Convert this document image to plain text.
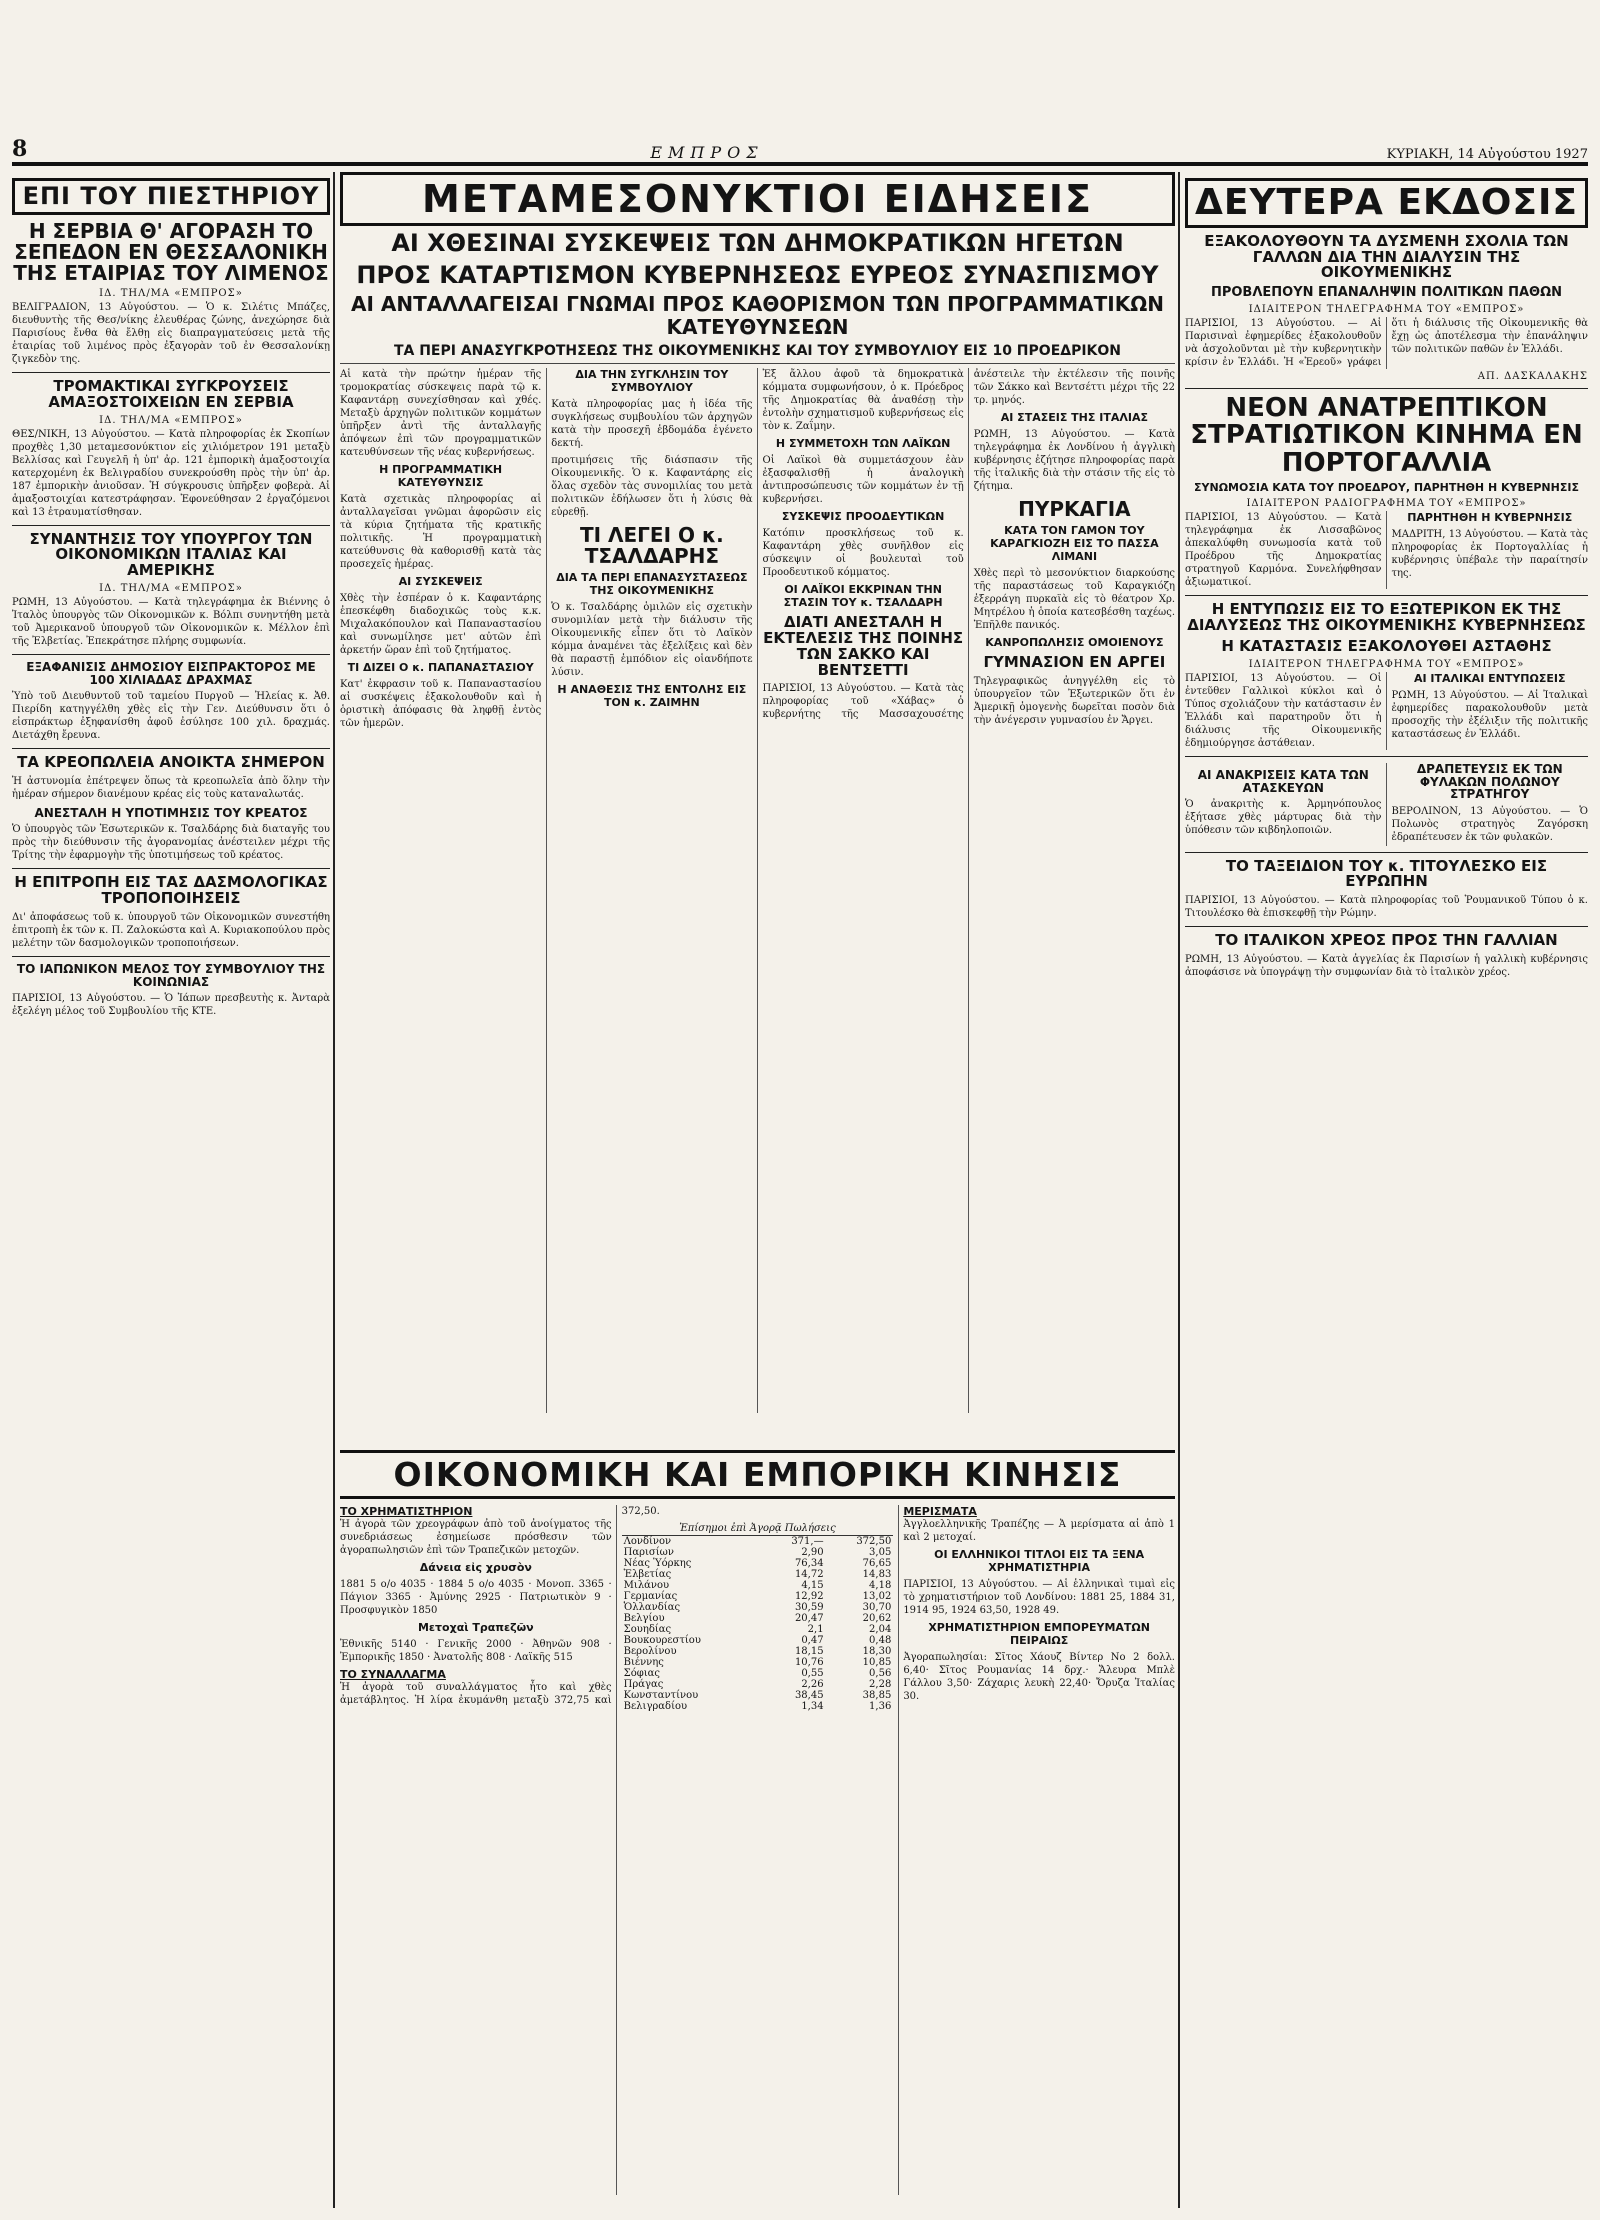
8	ΕΜΠΡΟΣ	ΚΥΡΙΑΚΗ, 14 Αὐγούστου 1927
ΕΠΙ ΤΟΥ ΠΙΕΣΤΗΡΙΟΥ
Η ΣΕΡΒΙΑ Θ' ΑΓΟΡΑΣΗ ΤΟ ΣΕΠΕΔΟΝ ΕΝ ΘΕΣΣΑΛΟΝΙΚΗ ΤΗΣ ΕΤΑΙΡΙΑΣ ΤΟΥ ΛΙΜΕΝΟΣ
ΙΔ. ΤΗΛ/ΜΑ «ΕΜΠΡΟΣ»

ΒΕΛΙΓΡΑΔΙΟΝ, 13 Αὐγούστου. — Ὁ κ. Σιλέτις Μπάζες, διευθυντὴς τῆς Θεσ/νίκης ἐλευθέρας ζώνης, ἀνεχώρησε διὰ Παρισίους ἔνθα θὰ ἔλθῃ εἰς διαπραγματεύσεις μετὰ τῆς ἑταιρίας τοῦ λιμένος πρὸς ἐξαγορὰν τοῦ ἐν Θεσσαλονίκῃ ζιγκεδὸν της.

ΤΡΟΜΑΚΤΙΚΑΙ ΣΥΓΚΡΟΥΣΕΙΣ ΑΜΑΞΟΣΤΟΙΧΕΙΩΝ ΕΝ ΣΕΡΒΙΑ
ΙΔ. ΤΗΛ/ΜΑ «ΕΜΠΡΟΣ»

ΘΕΣ/ΝΙΚΗ, 13 Αὐγούστου. — Κατὰ πληροφορίας ἐκ Σκοπίων προχθὲς 1,30 μεταμεσονύκτιον εἰς χιλιόμετρον 191 μεταξὺ Βελλίσας καὶ Γευγελῆ ἡ ὑπ' ἀρ. 121 ἐμπορικὴ ἁμαξοστοιχία κατερχομένη ἐκ Βελιγραδίου συνεκρούσθη πρὸς τὴν ὑπ' ἀρ. 187 ἐμπορικὴν ἀνιοῦσαν. Ἡ σύγκρουσις ὑπῆρξεν φοβερὰ. Αἱ ἁμαξοστοιχίαι κατεστράφησαν. Ἐφονεύθησαν 2 ἐργαζόμενοι καὶ 13 ἐτραυματίσθησαν.

ΣΥΝΑΝΤΗΣΙΣ ΤΟΥ ΥΠΟΥΡΓΟΥ ΤΩΝ ΟΙΚΟΝΟΜΙΚΩΝ ΙΤΑΛΙΑΣ ΚΑΙ ΑΜΕΡΙΚΗΣ
ΙΔ. ΤΗΛ/ΜΑ «ΕΜΠΡΟΣ»

ΡΩΜΗ, 13 Αὐγούστου. — Κατὰ τηλεγράφημα ἐκ Βιέννης ὁ Ἰταλὸς ὑπουργὸς τῶν Οἰκονομικῶν κ. Βόλπι συνηντήθη μετὰ τοῦ Ἀμερικανοῦ ὑπουργοῦ τῶν Οἰκονομικῶν κ. Μέλλον ἐπὶ τῆς Ἐλβετίας. Ἐπεκράτησε πλήρης συμφωνία.

ΕΞΑΦΑΝΙΣΙΣ ΔΗΜΟΣΙΟΥ ΕΙΣΠΡΑΚΤΟΡΟΣ ΜΕ 100 ΧΙΛΙΑΔΑΣ ΔΡΑΧΜΑΣ

Ὑπὸ τοῦ Διευθυντοῦ τοῦ ταμείου Πυργοῦ — Ἠλείας κ. Ἀθ. Πιερίδη κατηγγέλθη χθὲς εἰς τὴν Γεν. Διεύθυνσιν ὅτι ὁ εἰσπράκτωρ ἐξηφανίσθη ἀφοῦ ἐσύλησε 100 χιλ. δραχμάς. Διετάχθη ἔρευνα.

ΤΑ ΚΡΕΟΠΩΛΕΙΑ ΑΝΟΙΚΤΑ ΣΗΜΕΡΟΝ

Ἡ ἀστυνομία ἐπέτρεψεν ὅπως τὰ κρεοπωλεῖα ἀπὸ ὅλην τὴν ἡμέραν σήμερον διανέμουν κρέας εἰς τοὺς καταναλωτάς.

ΑΝΕΣΤΑΛΗ Η ΥΠΟΤΙΜΗΣΙΣ ΤΟΥ ΚΡΕΑΤΟΣ

Ὁ ὑπουργὸς τῶν Ἐσωτερικῶν κ. Τσαλδάρης διὰ διαταγῆς του πρὸς τὴν διεύθυνσιν τῆς ἀγορανομίας ἀνέστειλεν μέχρι τῆς Τρίτης τὴν ἐφαρμογὴν τῆς ὑποτιμήσεως τοῦ κρέατος.

Η ΕΠΙΤΡΟΠΗ ΕΙΣ ΤΑΣ ΔΑΣΜΟΛΟΓΙΚΑΣ ΤΡΟΠΟΠΟΙΗΣΕΙΣ

Δι' ἀποφάσεως τοῦ κ. ὑπουργοῦ τῶν Οἰκονομικῶν συνεστήθη ἐπιτροπὴ ἐκ τῶν κ. Π. Ζαλοκώστα καὶ Α. Κυριακοπούλου πρὸς μελέτην τῶν δασμολογικῶν τροποποιήσεων.

ΤΟ ΙΑΠΩΝΙΚΟΝ ΜΕΛΟΣ ΤΟΥ ΣΥΜΒΟΥΛΙΟΥ ΤΗΣ ΚΟΙΝΩΝΙΑΣ

ΠΑΡΙΣΙΟΙ, 13 Αὐγούστου. — Ὁ Ἰάπων πρεσβευτὴς κ. Ἀνταρὰ ἐξελέγη μέλος τοῦ Συμβουλίου τῆς ΚΤΕ.

ΜΕΤΑΜΕΣΟΝΥΚΤΙΟΙ ΕΙΔΗΣΕΙΣ
ΑΙ ΧΘΕΣΙΝΑΙ ΣΥΣΚΕΨΕΙΣ ΤΩΝ ΔΗΜΟΚΡΑΤΙΚΩΝ ΗΓΕΤΩΝ
ΠΡΟΣ ΚΑΤΑΡΤΙΣΜΟΝ ΚΥΒΕΡΝΗΣΕΩΣ ΕΥΡΕΟΣ ΣΥΝΑΣΠΙΣΜΟΥ
ΑΙ ΑΝΤΑΛΛΑΓΕΙΣΑΙ ΓΝΩΜΑΙ ΠΡΟΣ ΚΑΘΟΡΙΣΜΟΝ ΤΩΝ ΠΡΟΓΡΑΜΜΑΤΙΚΩΝ ΚΑΤΕΥΘΥΝΣΕΩΝ
ΤΑ ΠΕΡΙ ΑΝΑΣΥΓΚΡΟΤΗΣΕΩΣ ΤΗΣ ΟΙΚΟΥΜΕΝΙΚΗΣ ΚΑΙ ΤΟΥ ΣΥΜΒΟΥΛΙΟΥ ΕΙΣ 10 ΠΡΟΕΔΡΙΚΟΝ

Αἱ κατὰ τὴν πρώτην ἡμέραν τῆς τρομοκρατίας σύσκεψεις παρὰ τῷ κ. Καφαντάρῃ συνεχίσθησαν καὶ χθές. Μεταξὺ ἀρχηγῶν πολιτικῶν κομμάτων ὑπῆρξεν ἀντὶ τῆς ἀνταλλαγῆς ἀπόψεων ἐπὶ τῶν προγραμματικῶν κατευθύνσεων τῆς νέας κυβερνήσεως.

Η ΠΡΟΓΡΑΜΜΑΤΙΚΗ ΚΑΤΕΥΘΥΝΣΙΣ

Κατὰ σχετικὰς πληροφορίας αἱ ἀνταλλαγεῖσαι γνῶμαι ἀφορῶσιν εἰς τὰ κύρια ζητήματα τῆς κρατικῆς πολιτικῆς. Ἡ προγραμματικὴ κατεύθυνσις θὰ καθορισθῇ κατὰ τὰς προσεχεῖς ἡμέρας.

ΑΙ ΣΥΣΚΕΨΕΙΣ

Χθὲς τὴν ἑσπέραν ὁ κ. Καφαντάρης ἐπεσκέφθη διαδοχικῶς τοὺς κ.κ. Μιχαλακόπουλον καὶ Παπαναστασίου καὶ συνωμίλησε μετ' αὐτῶν ἐπὶ ἀρκετήν ὥραν ἐπὶ τοῦ ζητήματος.

ΤΙ ΔΙΖΕΙ Ο κ. ΠΑΠΑΝΑΣΤΑΣΙΟΥ

Κατ' ἐκφρασιν τοῦ κ. Παπαναστασίου αἱ συσκέψεις ἐξακολουθοῦν καὶ ἡ ὁριστικὴ ἀπόφασις θὰ ληφθῇ ἐντὸς τῶν ἡμερῶν.

ΔΙΑ ΤΗΝ ΣΥΓΚΛΗΣΙΝ ΤΟΥ ΣΥΜΒΟΥΛΙΟΥ

Κατὰ πληροφορίας μας ἡ ἰδέα τῆς συγκλήσεως συμβουλίου τῶν ἀρχηγῶν κατὰ τὴν προσεχῆ ἑβδομάδα ἐγένετο δεκτή.

προτιμήσεις τῆς διάσπασιν τῆς Οἰκουμενικῆς. Ὁ κ. Καφαντάρης εἰς ὅλας σχεδὸν τὰς συνομιλίας του μετὰ πολιτικῶν ἐδήλωσεν ὅτι ἡ λύσις θὰ εὑρεθῇ.

ΤΙ ΛΕΓΕΙ Ο κ. ΤΣΑΛΔΑΡΗΣ
ΔΙΑ ΤΑ ΠΕΡΙ ΕΠΑΝΑΣΥΣΤΑΣΕΩΣ ΤΗΣ ΟΙΚΟΥΜΕΝΙΚΗΣ

Ὁ κ. Τσαλδάρης ὁμιλῶν εἰς σχετικὴν συνομιλίαν μετὰ τὴν διάλυσιν τῆς Οἰκουμενικῆς εἶπεν ὅτι τὸ Λαϊκὸν κόμμα ἀναμένει τὰς ἐξελίξεις καὶ δὲν θὰ παραστῇ ἐμπόδιον εἰς οἱανδήποτε λύσιν.

Η ΑΝΑΘΕΣΙΣ ΤΗΣ ΕΝΤΟΛΗΣ ΕΙΣ ΤΟΝ κ. ΖΑΙΜΗΝ

Ἐξ ἄλλου ἀφοῦ τὰ δημοκρατικὰ κόμματα συμφωνήσουν, ὁ κ. Πρόεδρος τῆς Δημοκρατίας θὰ ἀναθέσῃ τὴν ἐντολὴν σχηματισμοῦ κυβερνήσεως εἰς τὸν κ. Ζαΐμην.

Η ΣΥΜΜΕΤΟΧΗ ΤΩΝ ΛΑΪΚΩΝ

Οἱ Λαϊκοὶ θὰ συμμετάσχουν ἐὰν ἐξασφαλισθῇ ἡ ἀναλογικὴ ἀντιπροσώπευσις τῶν κομμάτων ἐν τῇ κυβερνήσει.

ΣΥΣΚΕΨΙΣ ΠΡΟΟΔΕΥΤΙΚΩΝ

Κατόπιν προσκλήσεως τοῦ κ. Καφαντάρη χθὲς συνῆλθον εἰς σύσκεψιν οἱ βουλευταὶ τοῦ Προοδευτικοῦ κόμματος.

ΟΙ ΛΑΪΚΟΙ ΕΚΚΡΙΝΑΝ ΤΗΝ ΣΤΑΣΙΝ ΤΟΥ κ. ΤΣΑΛΔΑΡΗ
ΔΙΑΤΙ ΑΝΕΣΤΑΛΗ Η ΕΚΤΕΛΕΣΙΣ ΤΗΣ ΠΟΙΝΗΣ ΤΩΝ ΣΑΚΚΟ ΚΑΙ ΒΕΝΤΣΕΤΤΙ

ΠΑΡΙΣΙΟΙ, 13 Αὐγούστου. — Κατὰ τὰς πληροφορίας τοῦ «Χάβας» ὁ κυβερνήτης τῆς Μασσαχουσέτης ἀνέστειλε τὴν ἐκτέλεσιν τῆς ποινῆς τῶν Σάκκο καὶ Βεντσέττι μέχρι τῆς 22 τρ. μηνός.

ΑΙ ΣΤΑΣΕΙΣ ΤΗΣ ΙΤΑΛΙΑΣ

ΡΩΜΗ, 13 Αὐγούστου. — Κατὰ τηλεγράφημα ἐκ Λονδίνου ἡ ἀγγλικὴ κυβέρνησις ἐζήτησε πληροφορίας παρὰ τῆς ἰταλικῆς διὰ τὴν στάσιν τῆς εἰς τὸ ζήτημα.

ΠΥΡΚΑΓΙΑ
ΚΑΤΑ ΤΟΝ ΓΑΜΟΝ ΤΟΥ ΚΑΡΑΓΚΙΟΖΗ ΕΙΣ ΤΟ ΠΑΣΣΑ ΛΙΜΑΝΙ

Χθὲς περὶ τὸ μεσονύκτιον διαρκούσης τῆς παραστάσεως τοῦ Καραγκιόζη ἐξερράγη πυρκαϊὰ εἰς τὸ θέατρον Χρ. Μητρέλου ἡ ὁποία κατεσβέσθη ταχέως. Ἐπῆλθε πανικός.

ΚΑΝΡΟΠΩΛΗΣΙΣ ΟΜΟΙΕΝΟΥΣ
ΓΥΜΝΑΣΙΟΝ ΕΝ ΑΡΓΕΙ

Τηλεγραφικῶς ἀνηγγέλθη εἰς τὸ ὑπουργεῖον τῶν Ἐξωτερικῶν ὅτι ἐν Ἀμερικῇ ὁμογενὴς δωρεῖται ποσὸν διὰ τὴν ἀνέγερσιν γυμνασίου ἐν Ἄργει.

ΟΙΚΟΝΟΜΙΚΗ ΚΑΙ ΕΜΠΟΡΙΚΗ ΚΙΝΗΣΙΣ
ΤΟ ΧΡΗΜΑΤΙΣΤΗΡΙΟΝ

Ἡ ἀγορὰ τῶν χρεογράφων ἀπὸ τοῦ ἀνοίγματος τῆς συνεδριάσεως ἐσημείωσε πρόσθεσιν τῶν ἀγοραπωλησιῶν ἐπὶ τῶν Τραπεζικῶν μετοχῶν.

Δάνεια εἰς χρυσὸν

1881 5 ο/ο 4035 · 1884 5 ο/ο 4035 · Μονοπ. 3365 · Πάγιον 3365 · Ἀμύνης 2925 · Πατριωτικὸν 9 · Προσφυγικὸν 1850

Μετοχαὶ Τραπεζῶν

Ἐθνικῆς 5140 · Γενικῆς 2000 · Ἀθηνῶν 908 · Ἐμπορικῆς 1850 · Ἀνατολῆς 808 · Λαϊκῆς 515

ΤΟ ΣΥΝΑΛΛΑΓΜΑ

Ἡ ἀγορὰ τοῦ συναλλάγματος ἦτο καὶ χθὲς ἀμετάβλητος. Ἡ λίρα ἐκυμάνθη μεταξὺ 372,75 καὶ 372,50.

Ἐπίσημοι ἐπὶ Ἀγορᾷ Πωλήσεις		
Λονδίνον	371,—	372,50
Παρισίων	2,90	3,05
Νέας Ὑόρκης	76,34	76,65
Ἑλβετίας	14,72	14,83
Μιλάνου	4,15	4,18
Γερμανίας	12,92	13,02
Ὁλλανδίας	30,59	30,70
Βελγίου	20,47	20,62
Σουηδίας	2,1	2,04
Βουκουρεστίου	0,47	0,48
Βερολίνου	18,15	18,30
Βιέννης	10,76	10,85
Σόφιας	0,55	0,56
Πράγας	2,26	2,28
Κωνσταντίνου	38,45	38,85
Βελιγραδίου	1,34	1,36
ΜΕΡΙΣΜΑΤΑ

Ἀγγλοελληνικῆς Τραπέζης — Ἀ μερίσματα αἱ ἀπὸ 1 καὶ 2 μετοχαί.

ΟΙ ΕΛΛΗΝΙΚΟΙ ΤΙΤΛΟΙ ΕΙΣ ΤΑ ΞΕΝΑ ΧΡΗΜΑΤΙΣΤΗΡΙΑ

ΠΑΡΙΣΙΟΙ, 13 Αὐγούστου. — Αἱ ἑλληνικαὶ τιμαὶ εἰς τὸ χρηματιστήριον τοῦ Λονδίνου: 1881 25, 1884 31, 1914 95, 1924 63,50, 1928 49.

ΧΡΗΜΑΤΙΣΤΗΡΙΟΝ ΕΜΠΟΡΕΥΜΑΤΩΝ ΠΕΙΡΑΙΩΣ

Ἀγοραπωλησίαι: Σῖτος Χάουζ Βίντερ Νο 2 δολλ. 6,40· Σῖτος Ρουμανίας 14 δρχ.· Ἄλευρα Μπλὲ Γάλλου 3,50· Ζάχαρις λευκὴ 22,40· Ὄρυζα Ἰταλίας 30.

ΔΕΥΤΕΡΑ ΕΚΔΟΣΙΣ
ΕΞΑΚΟΛΟΥΘΟΥΝ ΤΑ ΔΥΣΜΕΝΗ ΣΧΟΛΙΑ ΤΩΝ ΓΑΛΛΩΝ ΔΙΑ ΤΗΝ ΔΙΑΛΥΣΙΝ ΤΗΣ ΟΙΚΟΥΜΕΝΙΚΗΣ
ΠΡΟΒΛΕΠΟΥΝ ΕΠΑΝΑΛΗΨΙΝ ΠΟΛΙΤΙΚΩΝ ΠΑΘΩΝ
ΙΔΙΑΙΤΕΡΟΝ ΤΗΛΕΓΡΑΦΗΜΑ ΤΟΥ «ΕΜΠΡΟΣ»

ΠΑΡΙΣΙΟΙ, 13 Αὐγούστου. — Αἱ Παρισιναὶ ἐφημερίδες ἐξακολουθοῦν νὰ ἀσχολοῦνται μὲ τὴν κυβερνητικὴν κρίσιν ἐν Ἑλλάδι. Ἡ «Ἐρεοῦ» γράφει ὅτι ἡ διάλυσις τῆς Οἰκουμενικῆς θὰ ἔχῃ ὡς ἀποτέλεσμα τὴν ἐπανάληψιν τῶν πολιτικῶν παθῶν ἐν Ἑλλάδι.

ΑΠ. ΔΑΣΚΑΛΑΚΗΣ
ΝΕΟΝ ΑΝΑΤΡΕΠΤΙΚΟΝ ΣΤΡΑΤΙΩΤΙΚΟΝ ΚΙΝΗΜΑ ΕΝ ΠΟΡΤΟΓΑΛΛΙΑ
ΣΥΝΩΜΟΣΙΑ ΚΑΤΑ ΤΟΥ ΠΡΟΕΔΡΟΥ, ΠΑΡΗΤΗΘΗ Η ΚΥΒΕΡΝΗΣΙΣ
ΙΔΙΑΙΤΕΡΟΝ ΡΑΔΙΟΓΡΑΦΗΜΑ ΤΟΥ «ΕΜΠΡΟΣ»

ΠΑΡΙΣΙΟΙ, 13 Αὐγούστου. — Κατὰ τηλεγράφημα ἐκ Λισσαβῶνος ἀπεκαλύφθη συνωμοσία κατὰ τοῦ Προέδρου τῆς Δημοκρατίας στρατηγοῦ Καρμόνα. Συνελήφθησαν ἀξιωματικοί.

ΠΑΡΗΤΗΘΗ Η ΚΥΒΕΡΝΗΣΙΣ

ΜΑΔΡΙΤΗ, 13 Αὐγούστου. — Κατὰ τὰς πληροφορίας ἐκ Πορτογαλλίας ἡ κυβέρνησις ὑπέβαλε τὴν παραίτησίν της.

Η ΕΝΤΥΠΩΣΙΣ ΕΙΣ ΤΟ ΕΞΩΤΕΡΙΚΟΝ ΕΚ ΤΗΣ ΔΙΑΛΥΣΕΩΣ ΤΗΣ ΟΙΚΟΥΜΕΝΙΚΗΣ ΚΥΒΕΡΝΗΣΕΩΣ
Η ΚΑΤΑΣΤΑΣΙΣ ΕΞΑΚΟΛΟΥΘΕΙ ΑΣΤΑΘΗΣ
ΙΔΙΑΙΤΕΡΟΝ ΤΗΛΕΓΡΑΦΗΜΑ ΤΟΥ «ΕΜΠΡΟΣ»

ΠΑΡΙΣΙΟΙ, 13 Αὐγούστου. — Οἱ ἐντεῦθεν Γαλλικοὶ κύκλοι καὶ ὁ Τύπος σχολιάζουν τὴν κατάστασιν ἐν Ἑλλάδι καὶ παρατηροῦν ὅτι ἡ διάλυσις τῆς Οἰκουμενικῆς ἐδημιούργησε ἀστάθειαν.

ΑΙ ΙΤΑΛΙΚΑΙ ΕΝΤΥΠΩΣΕΙΣ

ΡΩΜΗ, 13 Αὐγούστου. — Αἱ Ἰταλικαὶ ἐφημερίδες παρακολουθοῦν μετὰ προσοχῆς τὴν ἐξέλιξιν τῆς πολιτικῆς καταστάσεως ἐν Ἑλλάδι.

ΑΙ ΑΝΑΚΡΙΣΕΙΣ ΚΑΤΑ ΤΩΝ ΑΤΑΣΚΕΥΩΝ

Ὁ ἀνακριτὴς κ. Ἀρμηνόπουλος ἐξήτασε χθὲς μάρτυρας διὰ τὴν ὑπόθεσιν τῶν κιβδηλοποιῶν.

ΔΡΑΠΕΤΕΥΣΙΣ ΕΚ ΤΩΝ ΦΥΛΑΚΩΝ ΠΟΛΩΝΟΥ ΣΤΡΑΤΗΓΟΥ

ΒΕΡΟΛΙΝΟΝ, 13 Αὐγούστου. — Ὁ Πολωνὸς στρατηγὸς Ζαγόρσκη ἐδραπέτευσεν ἐκ τῶν φυλακῶν.

ΤΟ ΤΑΞΕΙΔΙΟΝ ΤΟΥ κ. ΤΙΤΟΥΛΕΣΚΟ ΕΙΣ ΕΥΡΩΠΗΝ

ΠΑΡΙΣΙΟΙ, 13 Αὐγούστου. — Κατὰ πληροφορίας τοῦ Ῥουμανικοῦ Τύπου ὁ κ. Τιτουλέσκο θὰ ἐπισκεφθῇ τὴν Ρώμην.

ΤΟ ΙΤΑΛΙΚΟΝ ΧΡΕΟΣ ΠΡΟΣ ΤΗΝ ΓΑΛΛΙΑΝ

ΡΩΜΗ, 13 Αὐγούστου. — Κατὰ ἀγγελίας ἐκ Παρισίων ἡ γαλλικὴ κυβέρνησις ἀποφάσισε νὰ ὑπογράψῃ τὴν συμφωνίαν διὰ τὸ ἰταλικὸν χρέος.
